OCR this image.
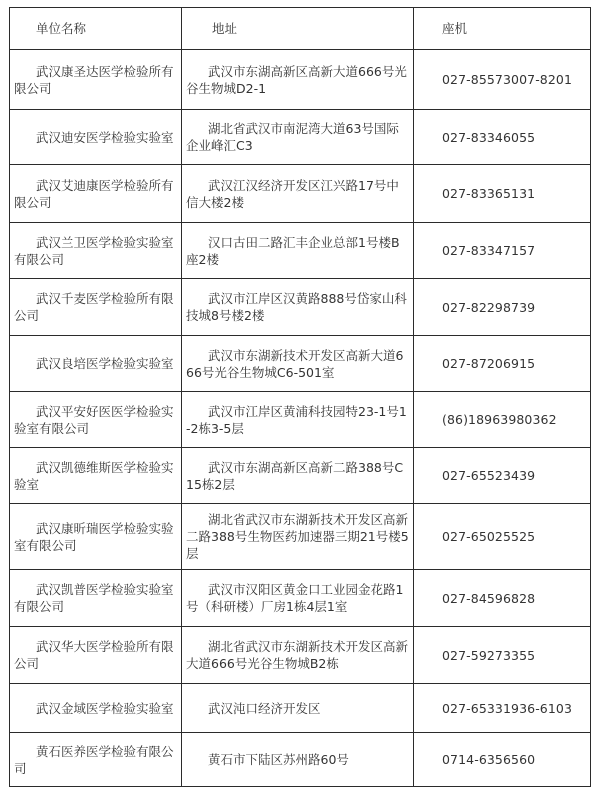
单位名称	地址	座机

武汉康圣达医学检验所有限公司	武汉市东湖高新区高新大道666号光谷生物城D2-1	027-85573007-8201

武汉迪安医学检验实验室	湖北省武汉市南泥湾大道63号国际企业峰汇C3	027-83346055

武汉艾迪康医学检验所有限公司	武汉江汉经济开发区江兴路17号中信大楼2楼	027-83365131

武汉兰卫医学检验实验室有限公司	汉口古田二路汇丰企业总部1号楼B座2楼	027-83347157

武汉千麦医学检验所有限公司	武汉市江岸区汉黄路888号岱家山科技城8号楼2楼	027-82298739

武汉良培医学检验实验室	武汉市东湖新技术开发区高新大道666号光谷生物城C6-501室	027-87206915

武汉平安好医医学检验实验室有限公司	武汉市江岸区黄浦科技园特23-1号1-2栋3-5层	(86)18963980362

武汉凯德维斯医学检验实验室	武汉市东湖高新区高新二路388号C15栋2层	027-65523439

武汉康昕瑞医学检验实验室有限公司	湖北省武汉市东湖新技术开发区高新二路388号生物医药加速器三期21号楼5层	027-65025525

武汉凯普医学检验实验室有限公司	武汉市汉阳区黄金口工业园金花路1号（科研楼）厂房1栋4层1室	027-84596828

武汉华大医学检验所有限公司	湖北省武汉市东湖新技术开发区高新大道666号光谷生物城B2栋	027-59273355

武汉金域医学检验实验室	武汉沌口经济开发区	027-65331936-6103

黄石医养医学检验有限公司	黄石市下陆区苏州路60号	0714-6356560
